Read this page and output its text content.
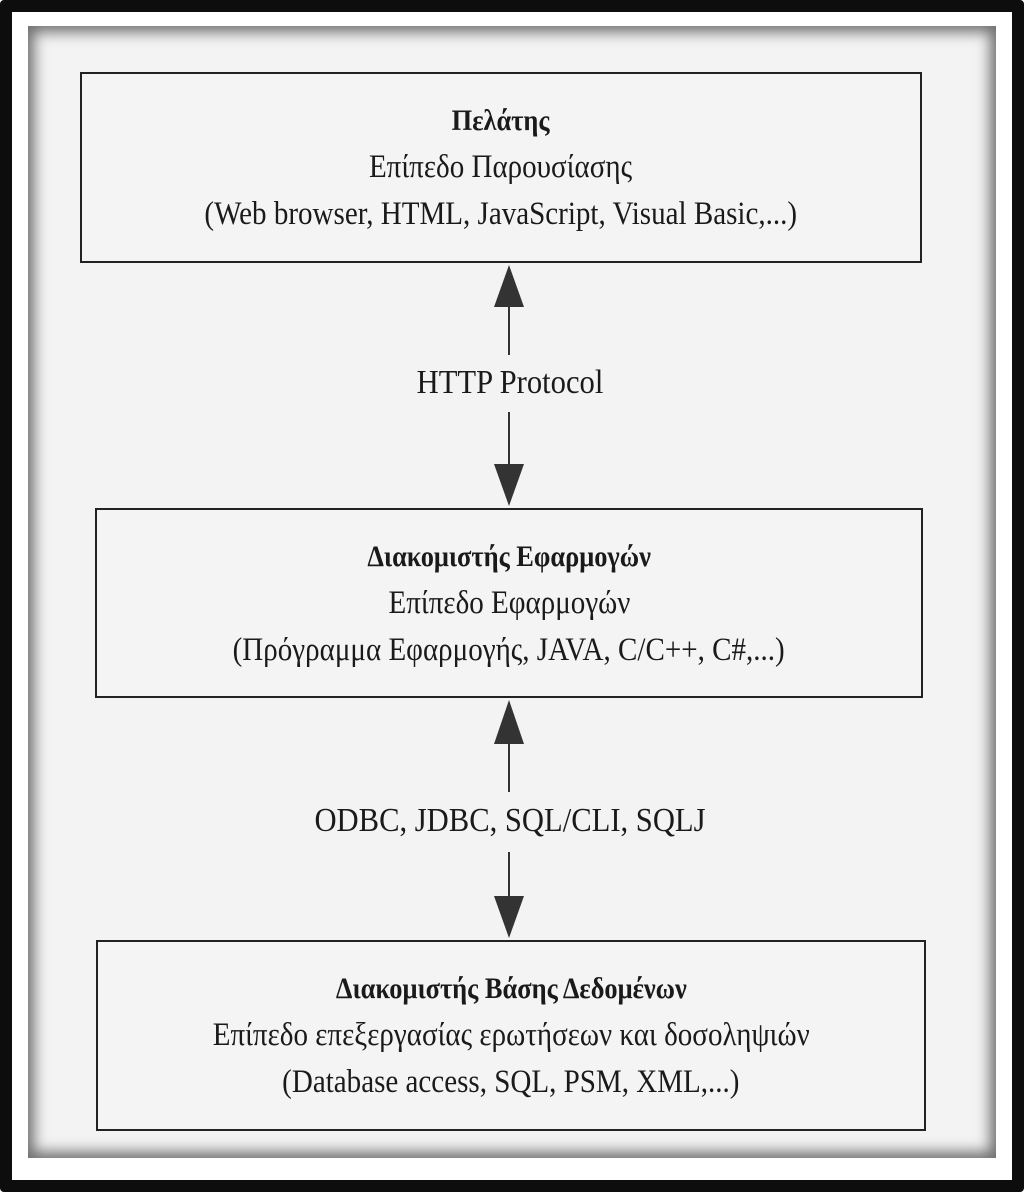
Πελάτης
Επίπεδο Παρουσίασης
(Web browser, HTML, JavaScript, Visual Basic,...)
Διακομιστής Εφαρμογών
Επίπεδο Εφαρμογών
(Πρόγραμμα Εφαρμογής, JAVA, C/C++, C#,...)
Διακομιστής Βάσης Δεδομένων
Επίπεδο επεξεργασίας ερωτήσεων και δοσοληψιών
(Database access, SQL, PSM, XML,...)
HTTP Protocol
ODBC, JDBC, SQL/CLI, SQLJ
